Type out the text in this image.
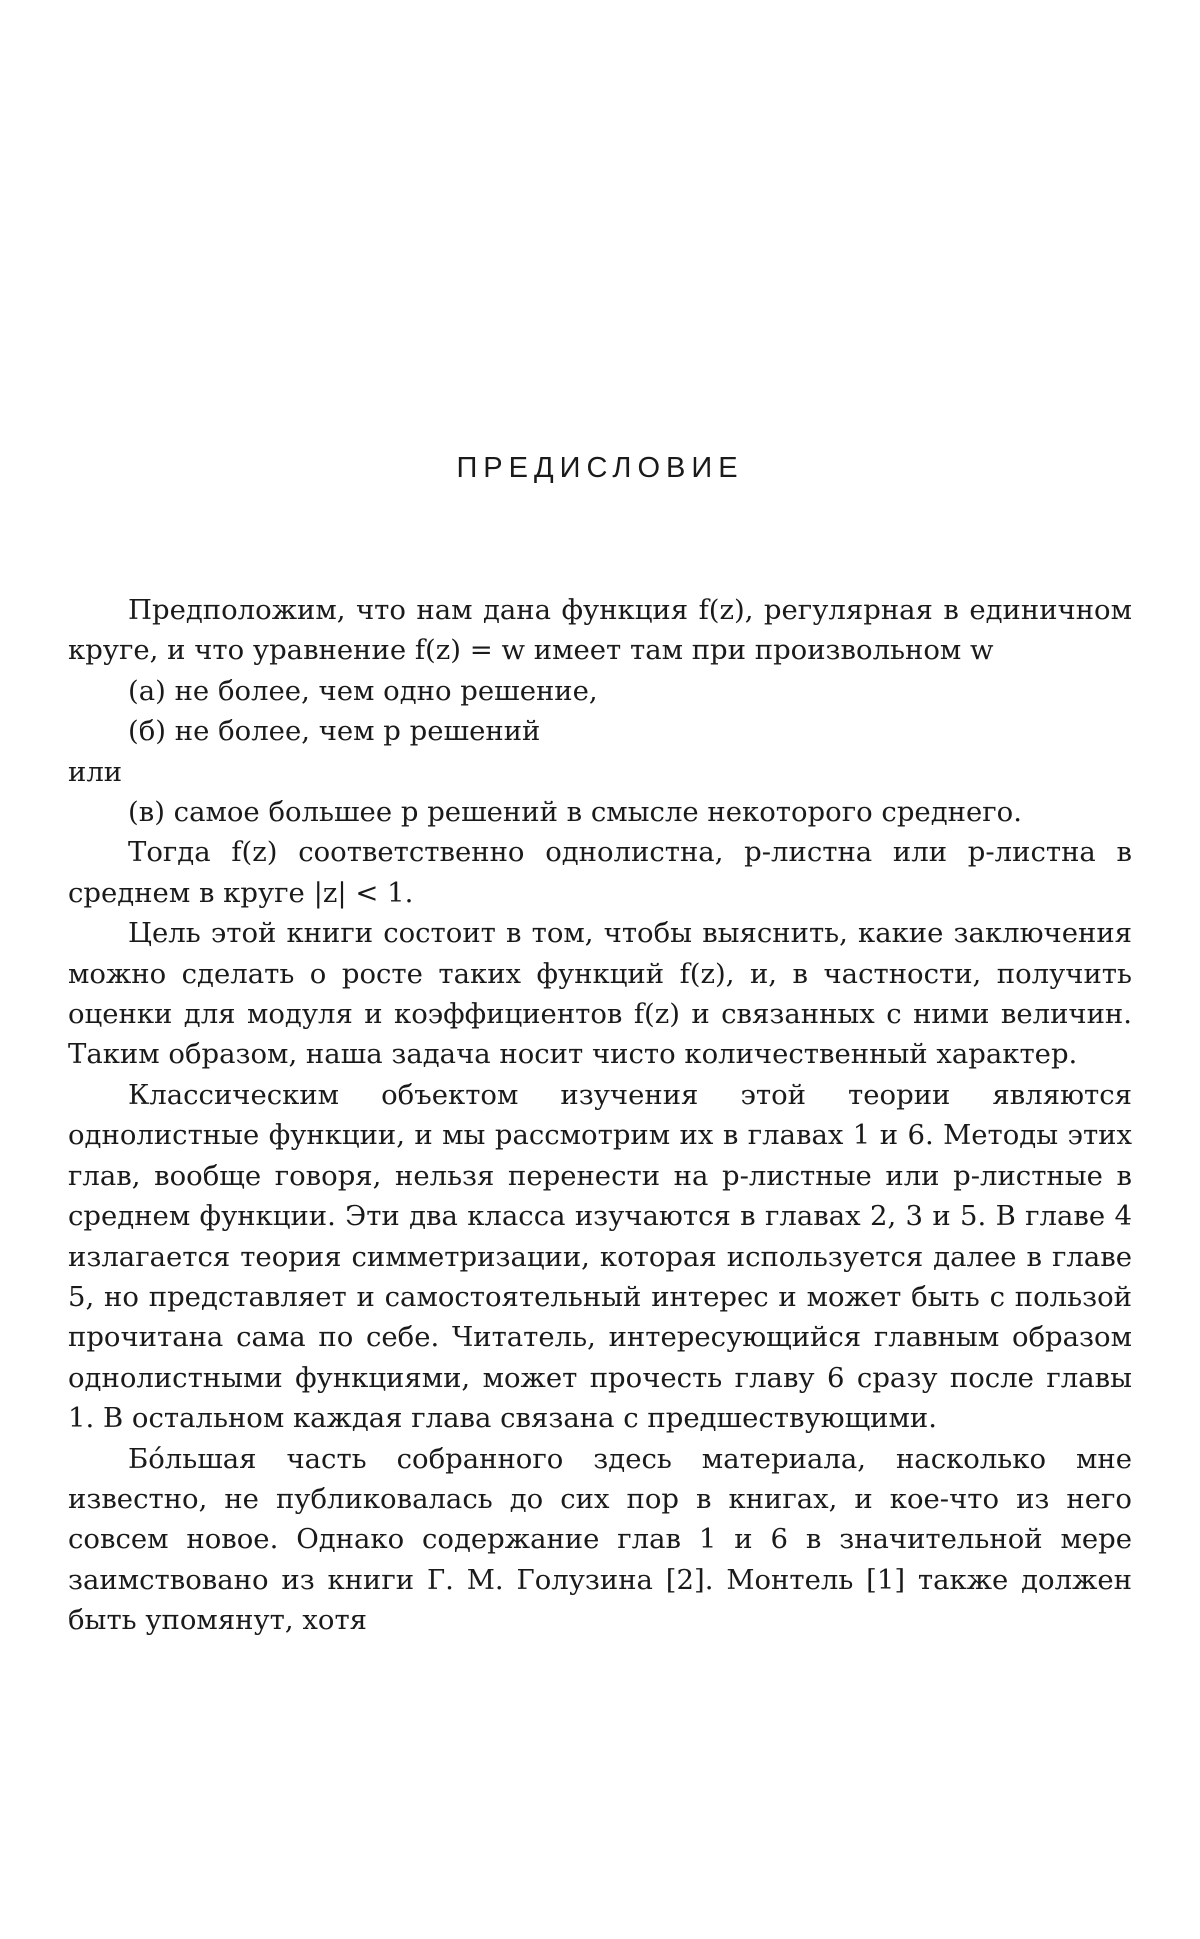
ПРЕДИСЛОВИЕ

Предположим, что нам дана функция f(z), регулярная в единичном круге, и что уравнение f(z) = w имеет там при произвольном w

(а) не более, чем одно решение,

(б) не более, чем p решений

или

(в) самое большее p решений в смысле некоторого среднего.

Тогда f(z) соответственно однолистна, p-листна или p-листна в среднем в круге |z| < 1.

Цель этой книги состоит в том, чтобы выяснить, какие заключения можно сделать о росте таких функций f(z), и, в частности, получить оценки для модуля и коэффициентов f(z) и связанных с ними величин. Таким образом, наша задача носит чисто количественный характер.

Классическим объектом изучения этой теории являются однолистные функции, и мы рассмотрим их в главах 1 и 6. Методы этих глав, вообще говоря, нельзя перенести на p-листные или p-листные в среднем функции. Эти два класса изучаются в главах 2, 3 и 5. В главе 4 излагается теория симметризации, которая используется далее в главе 5, но представляет и самостоятельный интерес и может быть с пользой прочитана сама по себе. Читатель, интересующийся главным образом однолистными функциями, может прочесть главу 6 сразу после главы 1. В остальном каждая глава связана с предшествующими.

Бóльшая часть собранного здесь материала, насколько мне известно, не публиковалась до сих пор в книгах, и кое-что из него совсем новое. Однако содержание глав 1 и 6 в значительной мере заимствовано из книги Г. М. Голузина [2]. Монтель [1] также должен быть упомянут, хотя
